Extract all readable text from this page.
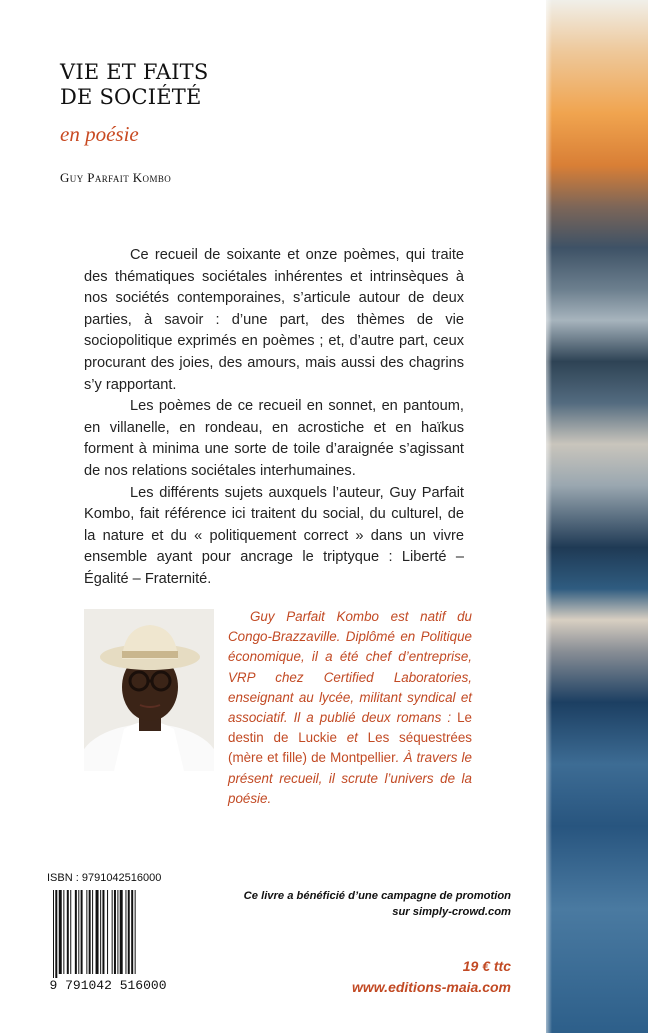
VIE ET FAITS
DE SOCIÉTÉ
en poésie
Guy Parfait Kombo

Ce recueil de soixante et onze poèmes, qui traite des thématiques sociétales inhérentes et intrinsèques à nos sociétés contemporaines, s’articule autour de deux parties, à savoir : d’une part, des thèmes de vie sociopolitique exprimés en poèmes ; et, d’autre part, ceux procurant des joies, des amours, mais aussi des chagrins s’y rapportant.

Les poèmes de ce recueil en sonnet, en pantoum, en villanelle, en rondeau, en acrostiche et en haïkus forment à minima une sorte de toile d’araignée s’agissant de nos relations sociétales interhumaines.

Les différents sujets auxquels l’auteur, Guy Parfait Kombo, fait référence ici traitent du social, du culturel, de la nature et du « politiquement correct » dans un vivre ensemble ayant pour ancrage le triptyque : Liberté – Égalité – Fraternité.

Guy Parfait Kombo est natif du Congo-Brazzaville. Diplômé en Politique économique, il a été chef d’entreprise, VRP chez Certified Laboratories, enseignant au lycée, militant syndical et associatif. Il a publié deux romans : Le destin de Luckie et Les séquestrées (mère et fille) de Montpellier. À travers le présent recueil, il scrute l’univers de la poésie.
ISBN : 9791042516000
9 791042 516000
Ce livre a bénéficié d’une campagne de promotion
sur simply-crowd.com
19 € ttc
www.editions-maia.com
